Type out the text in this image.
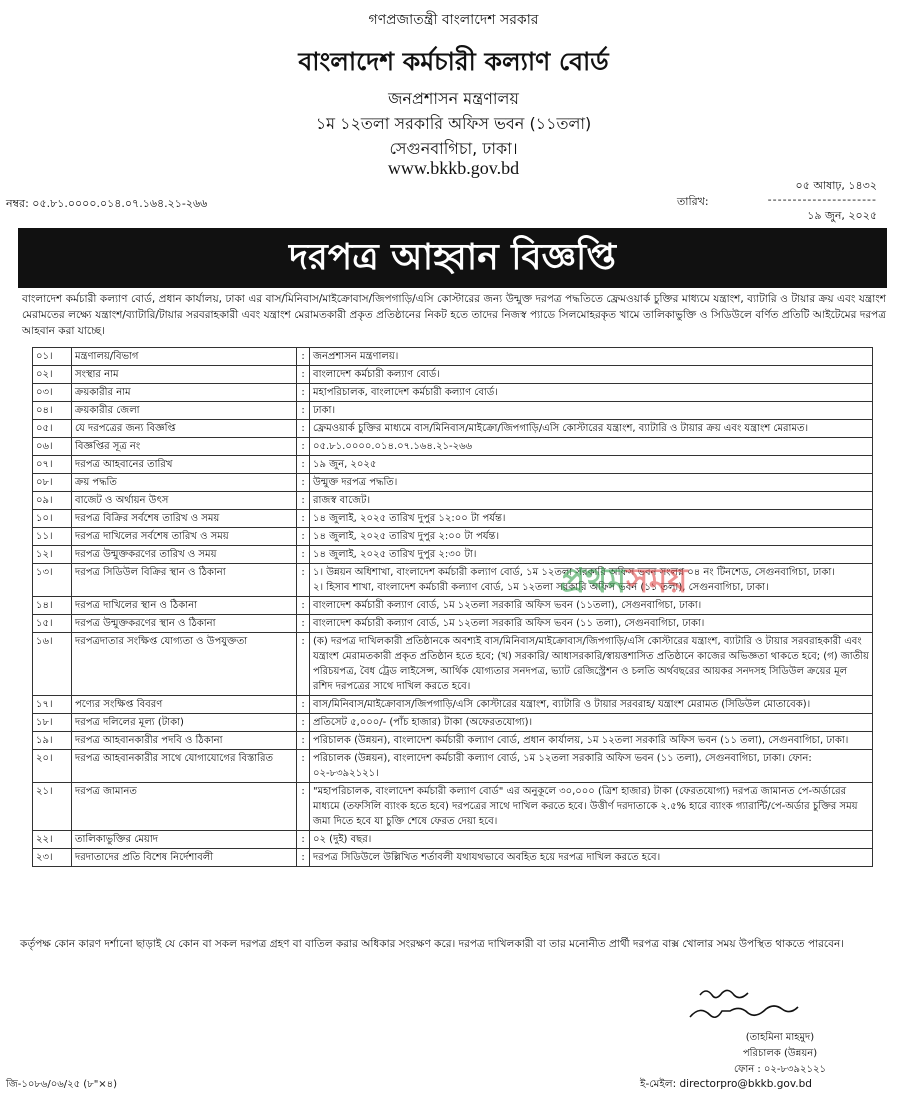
গণপ্রজাতন্ত্রী বাংলাদেশ সরকার
বাংলাদেশ কর্মচারী কল্যাণ বোর্ড
জনপ্রশাসন মন্ত্রণালয়
১ম ১২তলা সরকারি অফিস ভবন (১১তলা)
সেগুনবাগিচা, ঢাকা।
www.bkkb.gov.bd
নম্বর: ০৫.৮১.০০০০.০১৪.০৭.১৬৪.২১-২৬৬
০৫ আষাঢ়, ১৪৩২
তারিখ:	----------------------
১৯ জুন, ২০২৫
দরপত্র আহ্বান বিজ্ঞপ্তি
বাংলাদেশ কর্মচারী কল্যাণ বোর্ড, প্রধান কার্যালয়, ঢাকা এর বাস/মিনিবাস/মাইক্রোবাস/জিপগাড়ি/এসি কোস্টারের জন্য উন্মুক্ত দরপত্র পদ্ধতিতে ফ্রেমওয়ার্ক চুক্তির মাধ্যমে যন্ত্রাংশ, ব্যাটারি ও টায়ার ক্রয় এবং যন্ত্রাংশ মেরামতের লক্ষ্যে যন্ত্রাংশ/ব্যাটারি/টায়ার সরবরাহকারী এবং যন্ত্রাংশ মেরামতকারী প্রকৃত প্রতিষ্ঠানের নিকট হতে তাদের নিজস্ব প্যাডে সিলমোহরকৃত খামে তালিকাভুক্তি ও সিডিউলে বর্ণিত প্রতিটি আইটেমের দরপত্র আহবান করা যাচ্ছে।
০১।	মন্ত্রণালয়/বিভাগ	:	জনপ্রশাসন মন্ত্রণালয়।

০২।	সংস্থার নাম	:	বাংলাদেশ কর্মচারী কল্যাণ বোর্ড।

০৩।	ক্রয়কারীর নাম	:	মহাপরিচালক, বাংলাদেশ কর্মচারী কল্যাণ বোর্ড।

০৪।	ক্রয়কারীর জেলা	:	ঢাকা।

০৫।	যে দরপত্রের জন্য বিজ্ঞপ্তি	:	ফ্রেমওয়ার্ক চুক্তির মাধ্যমে বাস/মিনিবাস/মাইক্রো/জিপগাড়ি/এসি কোস্টারের যন্ত্রাংশ, ব্যাটারি ও টায়ার ক্রয় এবং যন্ত্রাংশ মেরামত।

০৬।	বিজ্ঞপ্তির সূত্র নং	:	০৫.৮১.০০০০.০১৪.০৭.১৬৪.২১-২৬৬

০৭।	দরপত্র আহবানের তারিখ	:	১৯ জুন, ২০২৫

০৮।	ক্রয় পদ্ধতি	:	উন্মুক্ত দরপত্র পদ্ধতি।

০৯।	বাজেট ও অর্থায়ন উৎস	:	রাজস্ব বাজেট।

১০।	দরপত্র বিক্রির সর্বশেষ তারিখ ও সময়	:	১৪ জুলাই, ২০২৫ তারিখ দুপুর ১২:০০ টা পর্যন্ত।

১১।	দরপত্র দাখিলের সর্বশেষ তারিখ ও সময়	:	১৪ জুলাই, ২০২৫ তারিখ দুপুর ২:০০ টা পর্যন্ত।

১২।	দরপত্র উন্মুক্তকরণের তারিখ ও সময়	:	১৪ জুলাই, ২০২৫ তারিখ দুপুর ২:৩০ টা।

১৩।	দরপত্র সিডিউল বিক্রির স্থান ও ঠিকানা	:	১। উন্নয়ন অধিশাখা, বাংলাদেশ কর্মচারী কল্যাণ বোর্ড, ১ম ১২তলা সরকারি অফিস ভবন সংলগ্ন ০৪ নং টিনশেড, সেগুনবাগিচা, ঢাকা।
২। হিসাব শাখা, বাংলাদেশ কর্মচারী কল্যাণ বোর্ড, ১ম ১২তলা সরকারি অফিস ভবন (১১ তলা), সেগুনবাগিচা, ঢাকা।

১৪।	দরপত্র দাখিলের স্থান ও ঠিকানা	:	বাংলাদেশ কর্মচারী কল্যাণ বোর্ড, ১ম ১২তলা সরকারি অফিস ভবন (১১তলা), সেগুনবাগিচা, ঢাকা।

১৫।	দরপত্র উন্মুক্তকরণের স্থান ও ঠিকানা	:	বাংলাদেশ কর্মচারী কল্যাণ বোর্ড, ১ম ১২তলা সরকারি অফিস ভবন (১১ তলা), সেগুনবাগিচা, ঢাকা।

১৬।	দরপত্রদাতার সংক্ষিপ্ত যোগ্যতা ও উপযুক্ততা	:	(ক) দরপত্র দাখিলকারী প্রতিষ্ঠানকে অবশ্যই বাস/মিনিবাস/মাইক্রোবাস/জিপগাড়ি/এসি কোস্টারের যন্ত্রাংশ, ব্যাটারি ও টায়ার সরবরাহকারী এবং যন্ত্রাংশ মেরামতকারী প্রকৃত প্রতিষ্ঠান হতে হবে; (খ) সরকারি/ আধাসরকারি/স্বায়ত্তশাসিত প্রতিষ্ঠানে কাজের অভিজ্ঞতা থাকতে হবে; (গ) জাতীয় পরিচয়পত্র, বৈধ ট্রেড লাইসেন্স, আর্থিক যোগ্যতার সনদপত্র, ভ্যাট রেজিস্ট্রেশন ও চলতি অর্থবছরের আয়কর সনদসহ সিডিউল ক্রয়ের মূল রশিদ দরপত্রের সাথে দাখিল করতে হবে।

১৭।	পণ্যের সংক্ষিপ্ত বিবরণ	:	বাস/মিনিবাস/মাইক্রোবাস/জিপগাড়ি/এসি কোস্টারের যন্ত্রাংশ, ব্যাটারি ও টায়ার সরবরাহ/ যন্ত্রাংশ মেরামত (সিডিউল মোতাবেক)।

১৮।	দরপত্র দলিলের মূল্য (টাকা)	:	প্রতিসেট ৫,০০০/- (পাঁচ হাজার) টাকা (অফেরতযোগ্য)।

১৯।	দরপত্র আহবানকারীর পদবি ও ঠিকানা	:	পরিচালক (উন্নয়ন), বাংলাদেশ কর্মচারী কল্যাণ বোর্ড, প্রধান কার্যালয়, ১ম ১২তলা সরকারি অফিস ভবন (১১ তলা), সেগুনবাগিচা, ঢাকা।

২০।	দরপত্র আহবানকারীর সাথে যোগাযোগের বিস্তারিত	:	পরিচালক (উন্নয়ন), বাংলাদেশ কর্মচারী কল্যাণ বোর্ড, ১ম ১২তলা সরকারি অফিস ভবন (১১ তলা), সেগুনবাগিচা, ঢাকা। ফোন: ০২-৮৩৯২১২১।

২১।	দরপত্র জামানত	:	"মহাপরিচালক, বাংলাদেশ কর্মচারী কল্যাণ বোর্ড" এর অনুকূলে ৩০,০০০ (ত্রিশ হাজার) টাকা (ফেরতযোগ্য) দরপত্র জামানত পে-অর্ডারের মাধ্যমে (তফসিলি ব্যাংক হতে হবে) দরপত্রের সাথে দাখিল করতে হবে। উত্তীর্ণ দরদাতাকে ২.৫% হারে ব্যাংক গ্যারান্টি/পে-অর্ডার চুক্তির সময় জমা দিতে হবে যা চুক্তি শেষে ফেরত দেয়া হবে।

২২।	তালিকাভুক্তির মেয়াদ	:	০২ (দুই) বছর।

২৩।	দরদাতাদের প্রতি বিশেষ নির্দেশাবলী	:	দরপত্র সিডিউলে উল্লিখিত শর্তাবলী যথাযথভাবে অবহিত হয়ে দরপত্র দাখিল করতে হবে।
প্রথমসময়
কর্তৃপক্ষ কোন কারণ দর্শানো ছাড়াই যে কোন বা সকল দরপত্র গ্রহণ বা বাতিল করার অধিকার সংরক্ষণ করে। দরপত্র দাখিলকারী বা তার মনোনীত প্রার্থী দরপত্র বাক্স খোলার সময় উপস্থিত থাকতে পারবেন।
(তাহমিনা মাহমুদ)
পরিচালক (উন্নয়ন)
ফোন : ০২-৮৩৯২১২১
ই-মেইল: directorpro@bkkb.gov.bd
জি-১০৮৬/০৬/২৫ (৮"×৪)
